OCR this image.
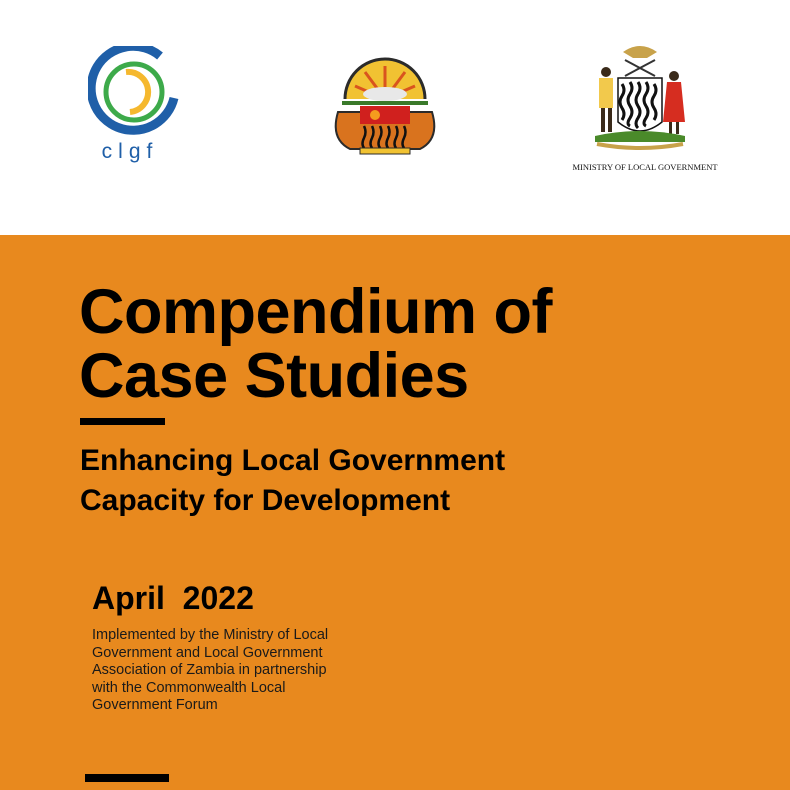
clgf
MINISTRY OF LOCAL GOVERNMENT
Compendium of
Case Studies
Enhancing Local Government
Capacity for Development
April  2022
Implemented by the Ministry of Local Government and Local Government Association of Zambia in partnership with the Commonwealth Local Government Forum
